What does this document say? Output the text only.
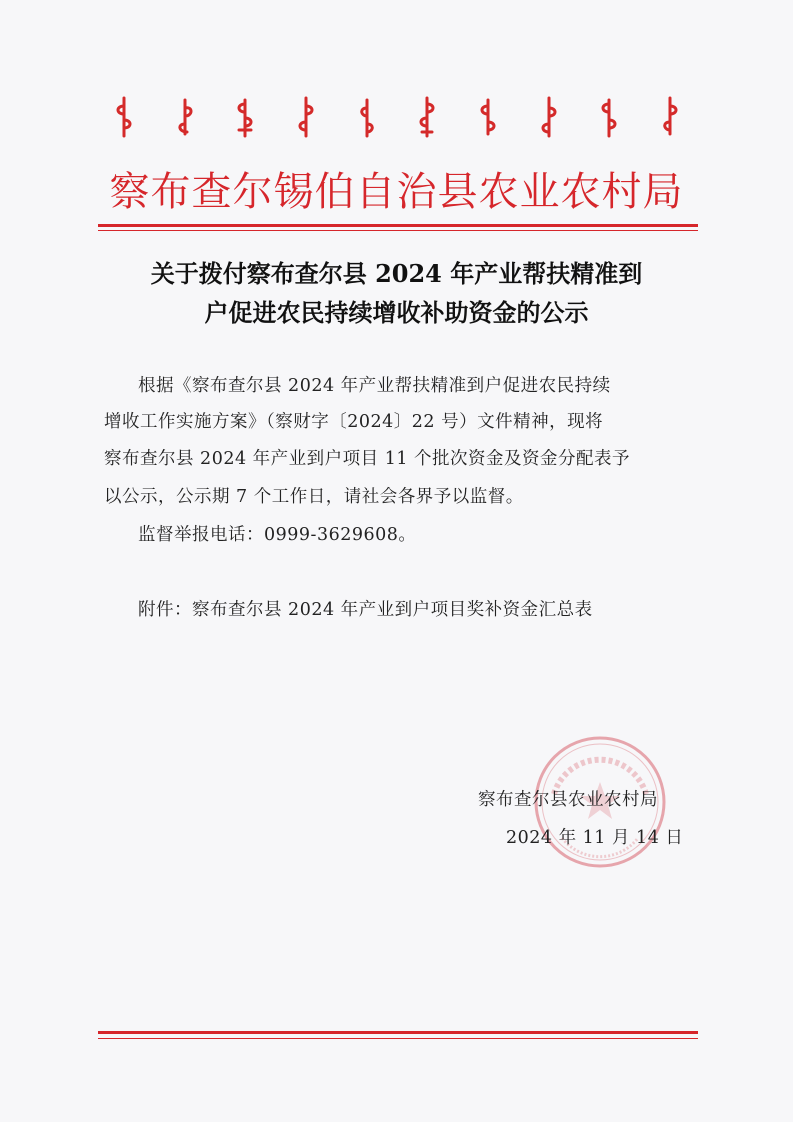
察布查尔锡伯自治县农业农村局
关于拨付察布查尔县 2024 年产业帮扶精准到
户促进农民持续增收补助资金的公示
根据《察布查尔县 2024 年产业帮扶精准到户促进农民持续
增收工作实施方案》（察财字〔2024〕22 号）文件精神，现将
察布查尔县 2024 年产业到户项目 11 个批次资金及资金分配表予
以公示，公示期 7 个工作日，请社会各界予以监督。
监督举报电话：0999-3629608。
附件：察布查尔县 2024 年产业到户项目奖补资金汇总表
察布查尔县农业农村局
2024 年 11 月 14 日
